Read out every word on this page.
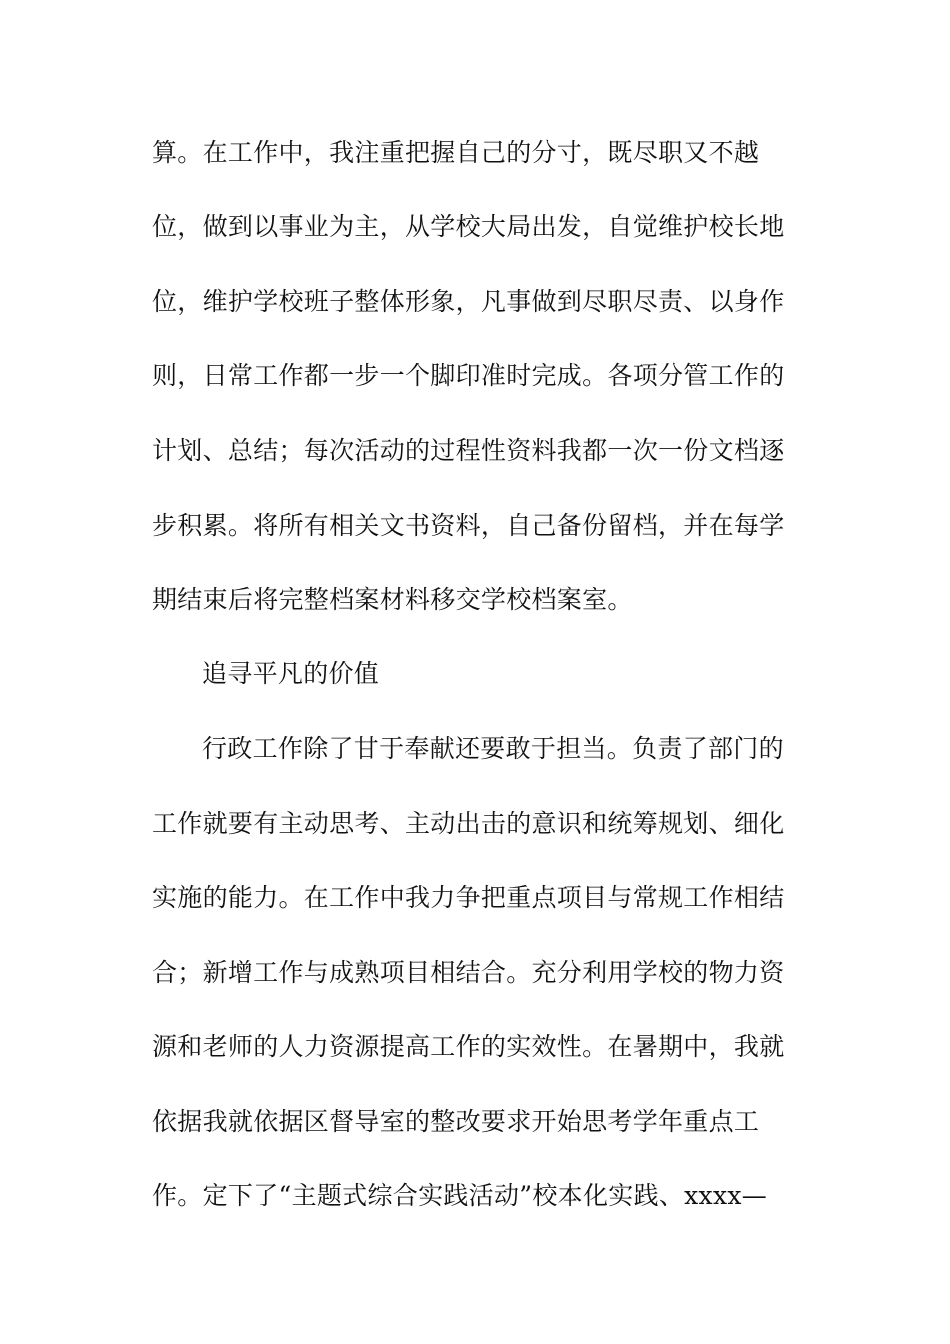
算。在工作中，我注重把握自己的分寸，既尽职又不越
位，做到以事业为主，从学校大局出发，自觉维护校长地
位，维护学校班子整体形象，凡事做到尽职尽责、以身作
则，日常工作都一步一个脚印准时完成。各项分管工作的
计划、总结；每次活动的过程性资料我都一次一份文档逐
步积累。将所有相关文书资料，自己备份留档，并在每学
期结束后将完整档案材料移交学校档案室。
追寻平凡的价值
行政工作除了甘于奉献还要敢于担当。负责了部门的
工作就要有主动思考、主动出击的意识和统筹规划、细化
实施的能力。在工作中我力争把重点项目与常规工作相结
合；新增工作与成熟项目相结合。充分利用学校的物力资
源和老师的人力资源提高工作的实效性。在暑期中，我就
依据我就依据区督导室的整改要求开始思考学年重点工
作。定下了“主题式综合实践活动”校本化实践、xxxx—
